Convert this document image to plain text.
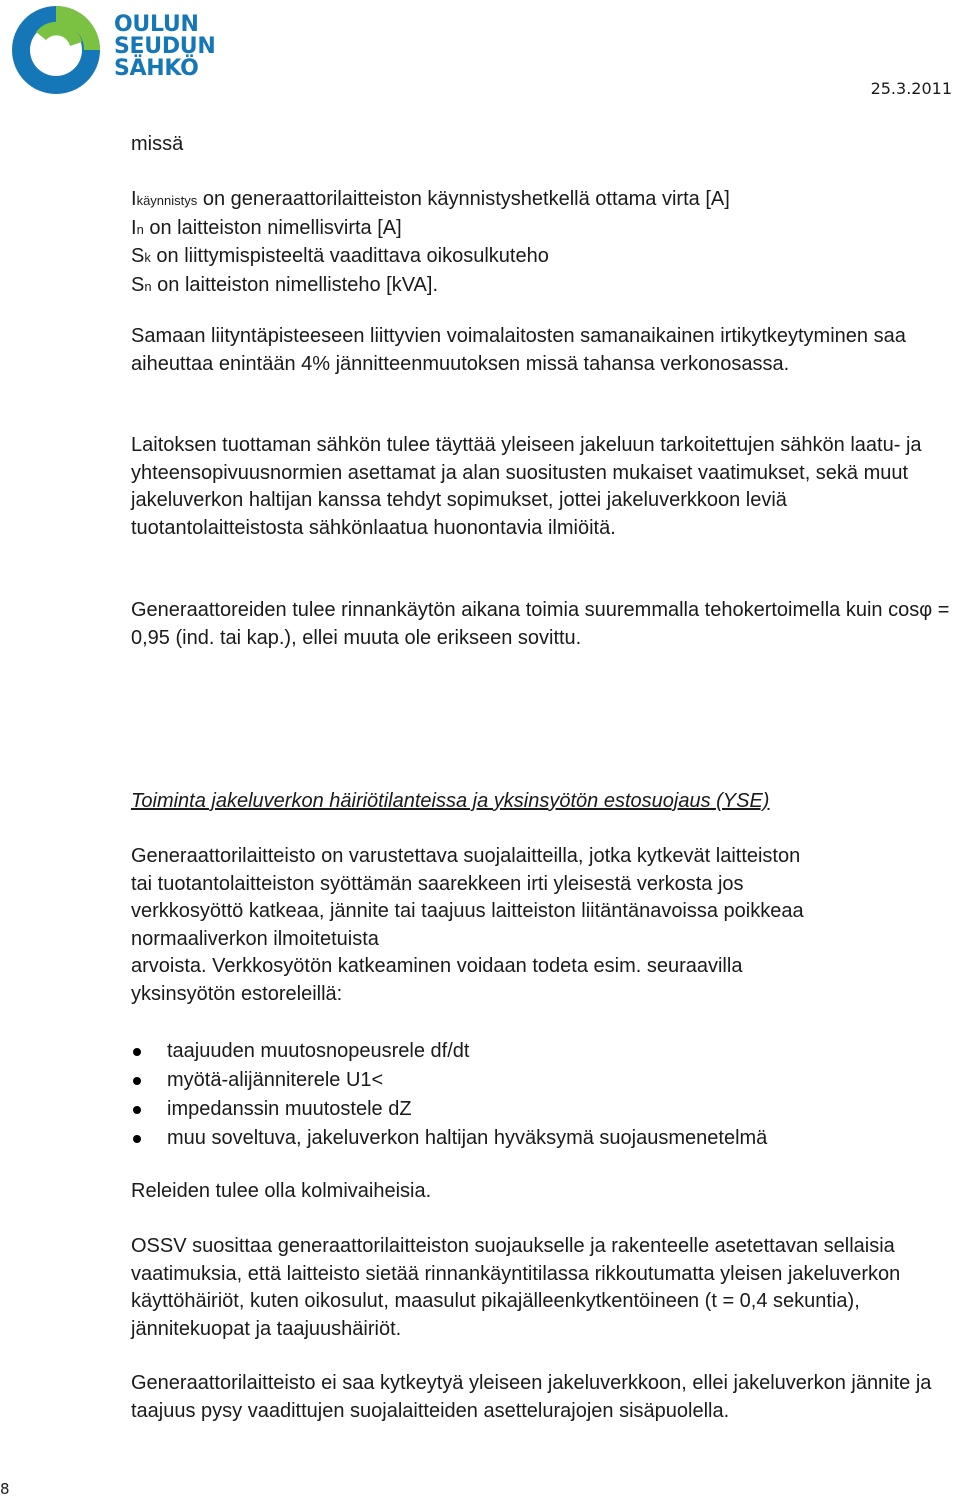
OULUN
SEUDUN
SÄHKÖ
25.3.2011
missä

Ikäynnistys on generaattorilaitteiston käynnistyshetkellä ottama virta [A]

In on laitteiston nimellisvirta [A]

Sk on liittymispisteeltä vaadittava oikosulkuteho

Sn on laitteiston nimellisteho [kVA].

Samaan liityntäpisteeseen liittyvien voimalaitosten samanaikainen irtikytkeytyminen saa aiheuttaa enintään 4% jännitteenmuutoksen missä tahansa verkonosassa.
Laitoksen tuottaman sähkön tulee täyttää yleiseen jakeluun tarkoitettujen sähkön laatu- ja yhteensopivuusnormien asettamat ja alan suositusten mukaiset vaatimukset, sekä muut jakeluverkon haltijan kanssa tehdyt sopimukset, jottei jakeluverkkoon leviä tuotantolaitteistosta sähkönlaatua huonontavia ilmiöitä.
Generaattoreiden tulee rinnankäytön aikana toimia suuremmalla tehokertoimella kuin cosφ = 0,95 (ind. tai kap.), ellei muuta ole erikseen sovittu.
Toiminta jakeluverkon häiriötilanteissa ja yksinsyötön estosuojaus (YSE)

Generaattorilaitteisto on varustettava suojalaitteilla, jotka kytkevät laitteiston

tai tuotantolaitteiston syöttämän saarekkeen irti yleisestä verkosta jos

verkkosyöttö katkeaa, jännite tai taajuus laitteiston liitäntänavoissa poikkeaa

normaaliverkon ilmoitetuista

arvoista. Verkkosyötön katkeaminen voidaan todeta esim. seuraavilla

yksinsyötön estoreleillä:

taajuuden muutosnopeusrele df/dt
myötä-alijänniterele U1<
impedanssin muutostele dZ
muu soveltuva, jakeluverkon haltijan hyväksymä suojausmenetelmä
Releiden tulee olla kolmivaiheisia.
OSSV suosittaa generaattorilaitteiston suojaukselle ja rakenteelle asetettavan sellaisia vaatimuksia, että laitteisto sietää rinnankäyntitilassa rikkoutumatta yleisen jakeluverkon käyttöhäiriöt, kuten oikosulut, maasulut pikajälleenkytkentöineen (t = 0,4 sekuntia), jännitekuopat ja taajuushäiriöt.
Generaattorilaitteisto ei saa kytkeytyä yleiseen jakeluverkkoon, ellei jakeluverkon jännite ja taajuus pysy vaadittujen suojalaitteiden asettelurajojen sisäpuolella.
8
